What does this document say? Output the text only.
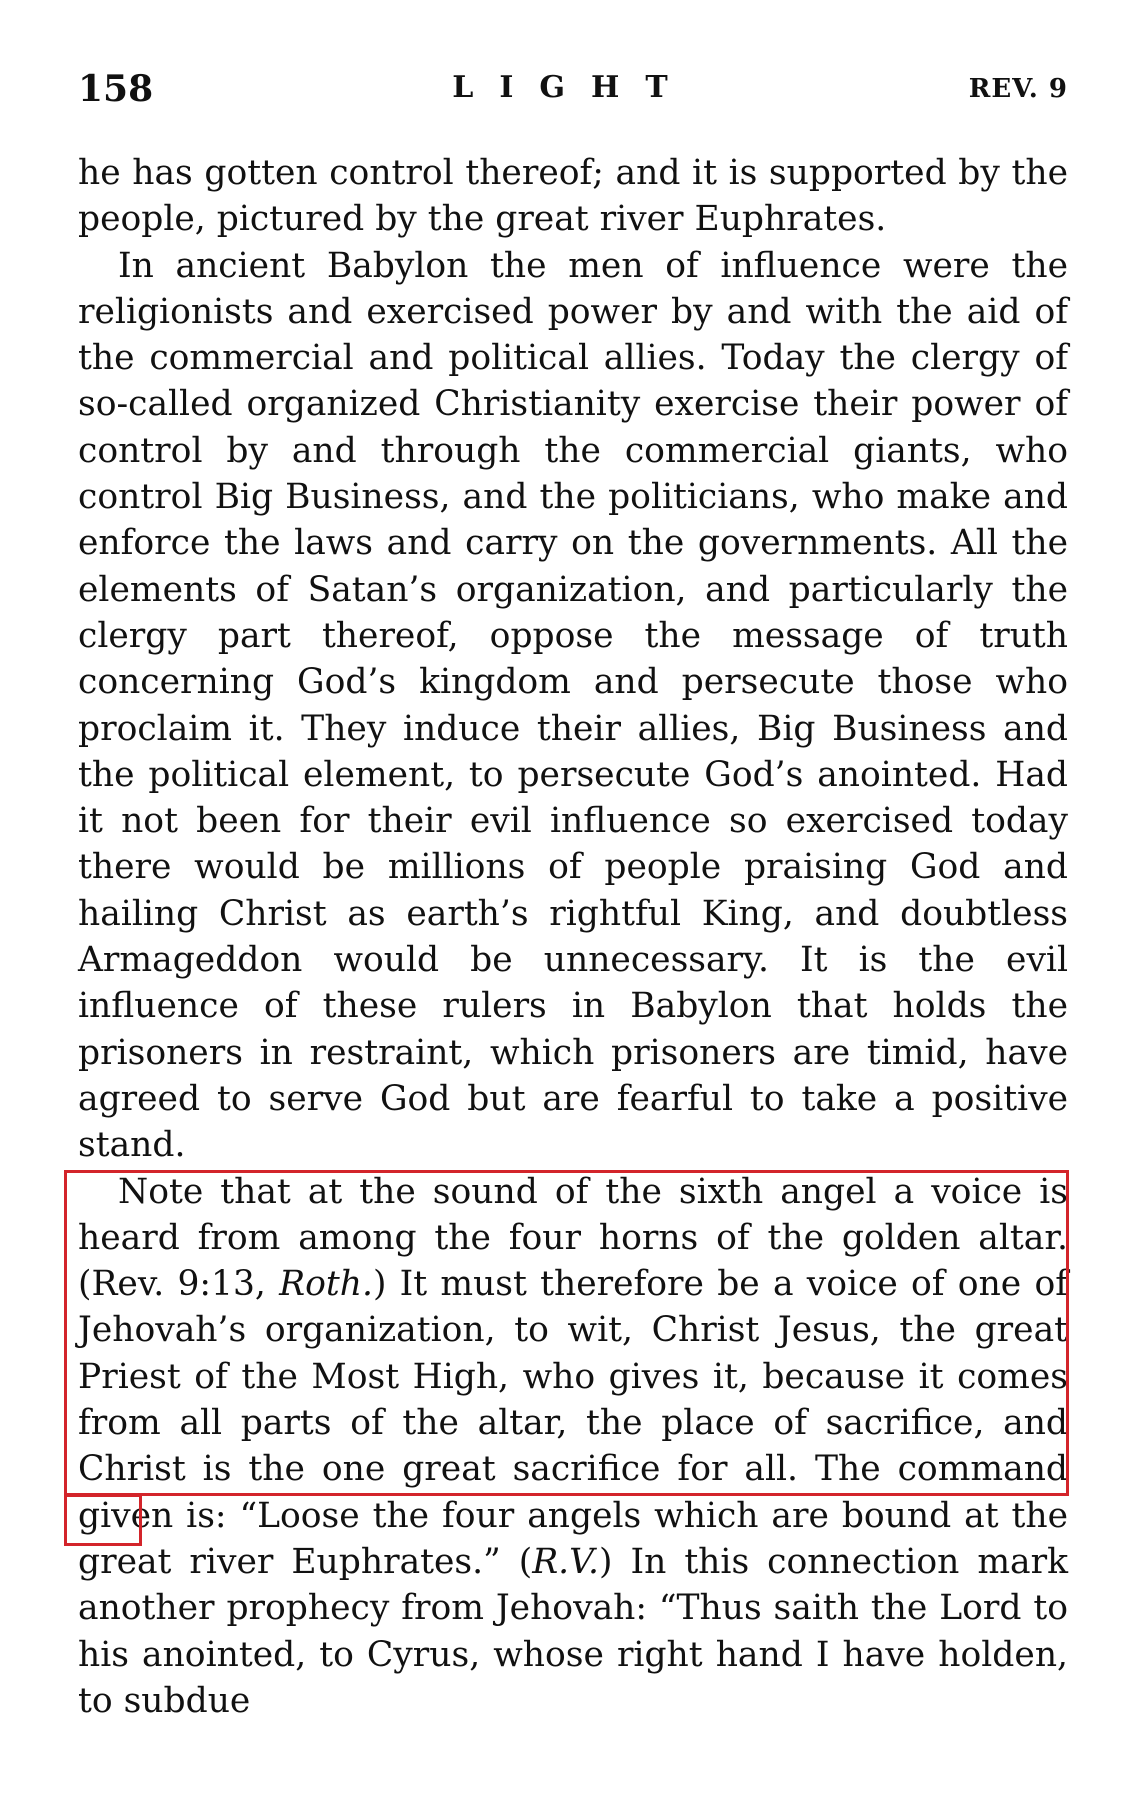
158	LIGHT	REV. 9

he has gotten control thereof; and it is supported by the people, pictured by the great river Euphrates.

In ancient Babylon the men of influence were the religionists and exercised power by and with the aid of the commercial and political allies. Today the clergy of so-called organized Christianity exercise their power of control by and through the commercial giants, who control Big Business, and the politicians, who make and enforce the laws and carry on the governments. All the elements of Satan’s organization, and particularly the clergy part thereof, oppose the message of truth concerning God’s kingdom and persecute those who proclaim it. They induce their allies, Big Business and the political element, to persecute God’s anointed. Had it not been for their evil influence so exercised today there would be millions of people praising God and hailing Christ as earth’s rightful King, and doubtless Armageddon would be unnecessary. It is the evil influence of these rulers in Babylon that holds the prisoners in restraint, which prisoners are timid, have agreed to serve God but are fearful to take a positive stand.

Note that at the sound of the sixth angel a voice is heard from among the four horns of the golden altar. (Rev. 9:13, Roth.) It must therefore be a voice of one of Jehovah’s organization, to wit, Christ Jesus, the great Priest of the Most High, who gives it, because it comes from all parts of the altar, the place of sacrifice, and Christ is the one great sacrifice for all. The command given is: “Loose the four angels which are bound at the great river Euphrates.” (R.V.) In this connection mark another prophecy from Jehovah: “Thus saith the Lord to his anointed, to Cyrus, whose right hand I have holden, to subdue
